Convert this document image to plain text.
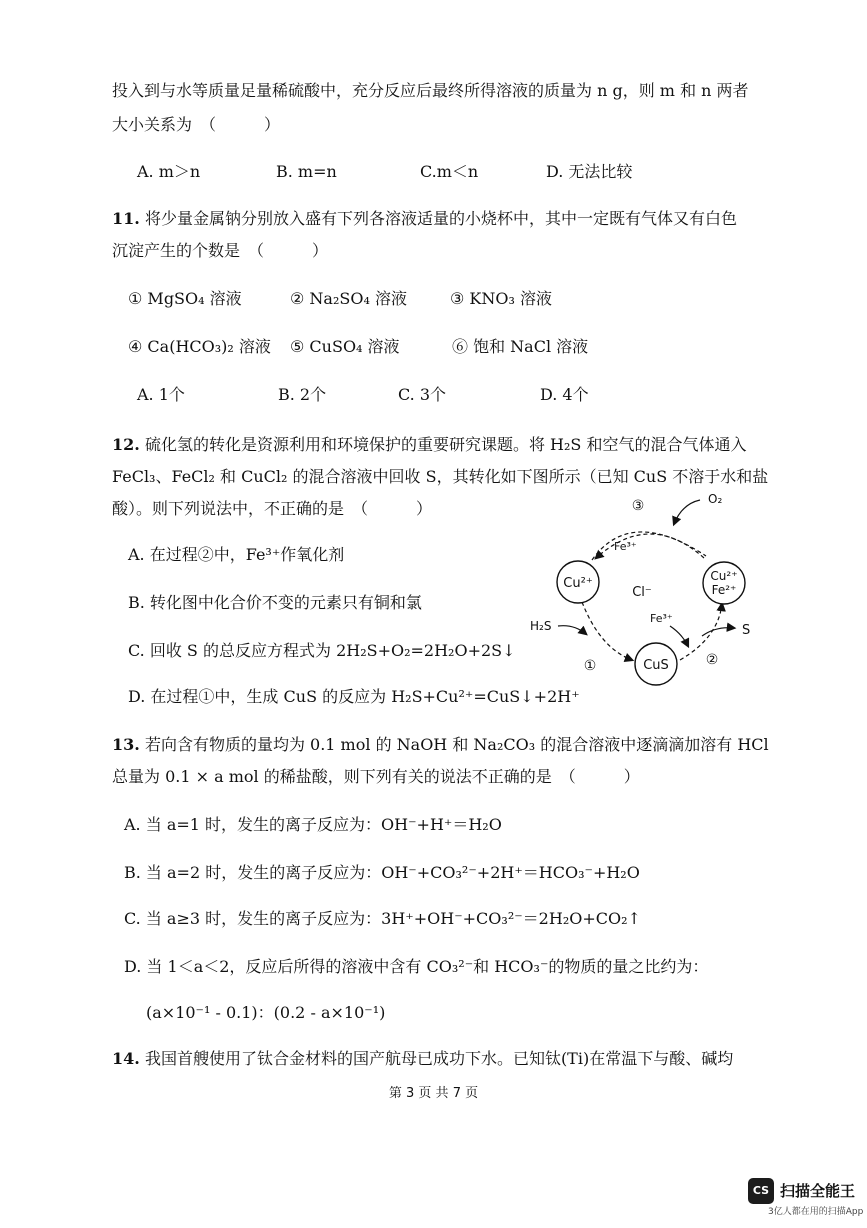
投入到与水等质量足量稀硫酸中，充分反应后最终所得溶液的质量为 n g，则 m 和 n 两者
大小关系为　（　　　）
A. m＞n	B. m=n	C.m＜n	D. 无法比较
11. 将少量金属钠分别放入盛有下列各溶液适量的小烧杯中，其中一定既有气体又有白色
沉淀产生的个数是　（　　　）
① MgSO₄ 溶液	② Na₂SO₄ 溶液	③ KNO₃ 溶液
④ Ca(HCO₃)₂ 溶液 ⑤ CuSO₄ 溶液	⑥ 饱和 NaCl 溶液
A. 1个	B. 2个	C. 3个	D. 4个
12. 硫化氢的转化是资源利用和环境保护的重要研究课题。将 H₂S 和空气的混合气体通入
FeCl₃、FeCl₂ 和 CuCl₂ 的混合溶液中回收 S，其转化如下图所示（已知 CuS 不溶于水和盐
酸）。则下列说法中，不正确的是　（　　　）
A. 在过程②中，Fe³⁺作氧化剂
B. 转化图中化合价不变的元素只有铜和氯
C. 回收 S 的总反应方程式为 2H₂S+O₂=2H₂O+2S↓
D. 在过程①中，生成 CuS 的反应为 H₂S+Cu²⁺=CuS↓+2H⁺
Cu²⁺	Cu²⁺
Fe²⁺
CuS
Cl⁻
③
①	②
O₂
Fe³⁺
H₂S
Fe³⁺
S
13. 若向含有物质的量均为 0.1 mol 的 NaOH 和 Na₂CO₃ 的混合溶液中逐滴滴加溶有 HCl
总量为 0.1 × a mol 的稀盐酸，则下列有关的说法不正确的是　（　　　）
A. 当 a=1 时，发生的离子反应为：OH⁻+H⁺＝H₂O
B. 当 a=2 时，发生的离子反应为：OH⁻+CO₃²⁻+2H⁺＝HCO₃⁻+H₂O
C. 当 a≥3 时，发生的离子反应为：3H⁺+OH⁻+CO₃²⁻＝2H₂O+CO₂↑
D. 当 1＜a＜2，反应后所得的溶液中含有 CO₃²⁻和 HCO₃⁻的物质的量之比约为：
(a×10⁻¹ - 0.1)：(0.2 - a×10⁻¹)
14. 我国首艘使用了钛合金材料的国产航母已成功下水。已知钛(Ti)在常温下与酸、碱均
第 3 页 共 7 页
CS 扫描全能王
3亿人都在用的扫描App
